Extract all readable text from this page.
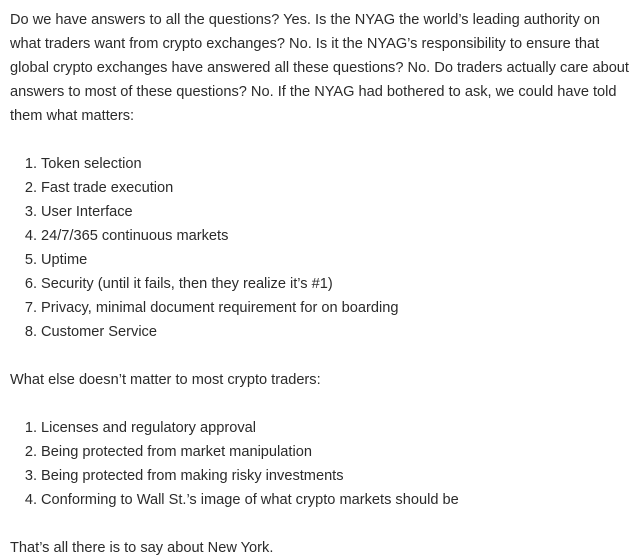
Do we have answers to all the questions? Yes. Is the NYAG the world’s leading authority on what traders want from crypto exchanges? No. Is it the NYAG’s responsibility to ensure that global crypto exchanges have answered all these questions? No. Do traders actually care about answers to most of these questions? No. If the NYAG had bothered to ask, we could have told them what matters:

1. Token selection
2. Fast trade execution
3. User Interface
4. 24/7/365 continuous markets
5. Uptime
6. Security (until it fails, then they realize it’s #1)
7. Privacy, minimal document requirement for on boarding
8. Customer Service

What else doesn’t matter to most crypto traders:

1. Licenses and regulatory approval
2. Being protected from market manipulation
3. Being protected from making risky investments
4. Conforming to Wall St.’s image of what crypto markets should be

That’s all there is to say about New York.
